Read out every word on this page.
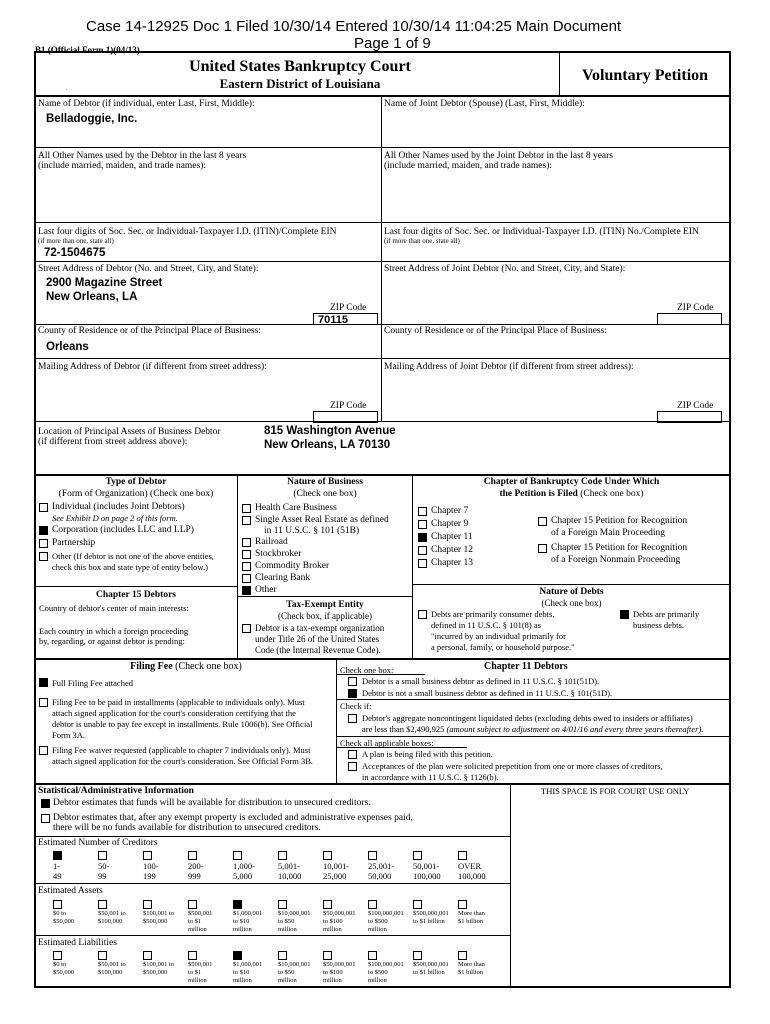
Case 14-12925 Doc 1 Filed 10/30/14 Entered 10/30/14 11:04:25 Main Document
Page 1 of 9
B1 (Official Form 1)(04/13)
United States Bankruptcy Court
Eastern District of Louisiana
.
Voluntary Petition
Name of Debtor (if individual, enter Last, First, Middle):
Belladoggie, Inc.
Name of Joint Debtor (Spouse) (Last, First, Middle):
All Other Names used by the Debtor in the last 8 years
(include married, maiden, and trade names):
All Other Names used by the Joint Debtor in the last 8 years
(include married, maiden, and trade names):
Last four digits of Soc. Sec. or Individual-Taxpayer I.D. (ITIN)/Complete EIN
(if more than one, state all)
72-1504675
Last four digits of Soc. Sec. or Individual-Taxpayer I.D. (ITIN) No./Complete EIN
(if more than one, state all)
Street Address of Debtor (No. and Street, City, and State):
2900 Magazine Street
New Orleans, LA
ZIP Code
70115
Street Address of Joint Debtor (No. and Street, City, and State):
ZIP Code
County of Residence or of the Principal Place of Business:
Orleans
County of Residence or of the Principal Place of Business:
Mailing Address of Debtor (if different from street address):
ZIP Code
Mailing Address of Joint Debtor (if different from street address):
ZIP Code
Location of Principal Assets of Business Debtor
(if different from street address above):
815 Washington Avenue
New Orleans, LA 70130
Type of Debtor
(Form of Organization) (Check one box)
Individual (includes Joint Debtors)
See Exhibit D on page 2 of this form.
Corporation (includes LLC and LLP)
Partnership
Other (If debtor is not one of the above entities,
check this box and state type of entity below.)
Chapter 15 Debtors
Country of debtor's center of main interests:
Each country in which a foreign proceeding
by, regarding, or against debtor is pending:
Nature of Business
(Check one box)
Health Care Business
Single Asset Real Estate as defined
in 11 U.S.C. § 101 (51B)
Railroad
Stockbroker
Commodity Broker
Clearing Bank
Other
Tax-Exempt Entity
(Check box, if applicable)
Debtor is a tax-exempt organization
under Title 26 of the United States
Code (the Internal Revenue Code).
Chapter of Bankruptcy Code Under Which
the Petition is Filed (Check one box)
Chapter 7
Chapter 9
Chapter 11
Chapter 12
Chapter 13
Chapter 15 Petition for Recognition
of a Foreign Main Proceeding
Chapter 15 Petition for Recognition
of a Foreign Nonmain Proceeding
Nature of Debts
(Check one box)
Debts are primarily consumer debts,
defined in 11 U.S.C. § 101(8) as
"incurred by an individual primarily for
a personal, family, or household purpose."
Debts are primarily
business debts.
Filing Fee (Check one box)
Full Filing Fee attached
Filing Fee to be paid in installments (applicable to individuals only). Must
attach signed application for the court's consideration certifying that the
debtor is unable to pay fee except in installments. Rule 1006(b). See Official
Form 3A.
Filing Fee waiver requested (applicable to chapter 7 individuals only). Must
attach signed application for the court's consideration. See Official Form 3B.
Chapter 11 Debtors
Check one box:
Debtor is a small business debtor as defined in 11 U.S.C. § 101(51D).
Debtor is not a small business debtor as defined in 11 U.S.C. § 101(51D).
Check if:
Debtor's aggregate noncontingent liquidated debts (excluding debts owed to insiders or affiliates)
are less than $2,490,925 (amount subject to adjustment on 4/01/16 and every three years thereafter).
Check all applicable boxes:
A plan is being filed with this petition.
Acceptances of the plan were solicited prepetition from one or more classes of creditors,
in accordance with 11 U.S.C. § 1126(b).
Statistical/Administrative Information	THIS SPACE IS FOR COURT USE ONLY
Debtor estimates that funds will be available for distribution to unsecured creditors.
Debtor estimates that, after any exempt property is excluded and administrative expenses paid,
there will be no funds available for distribution to unsecured creditors.
Estimated Number of Creditors
1-
49
50-
99
100-
199
200-
999
1,000-
5,000
5,001-
10,000
10,001-
25,000
25,001-
50,000
50,001-
100,000
OVER
100,000
Estimated Assets
$0 to
$50,000
$50,001 to
$100,000
$100,001 to
$500,000
$500,001
to $1
million
$1,000,001
to $10
million
$10,000,001
to $50
million
$50,000,001
to $100
million
$100,000,001
to $500
million
$500,000,001
to $1 billion
More than
$1 billion
Estimated Liabilities
$0 to
$50,000
$50,001 to
$100,000
$100,001 to
$500,000
$500,001
to $1
million
$1,000,001
to $10
million
$10,000,001
to $50
million
$50,000,001
to $100
million
$100,000,001
to $500
million
$500,000,001
to $1 billion
More than
$1 billion
